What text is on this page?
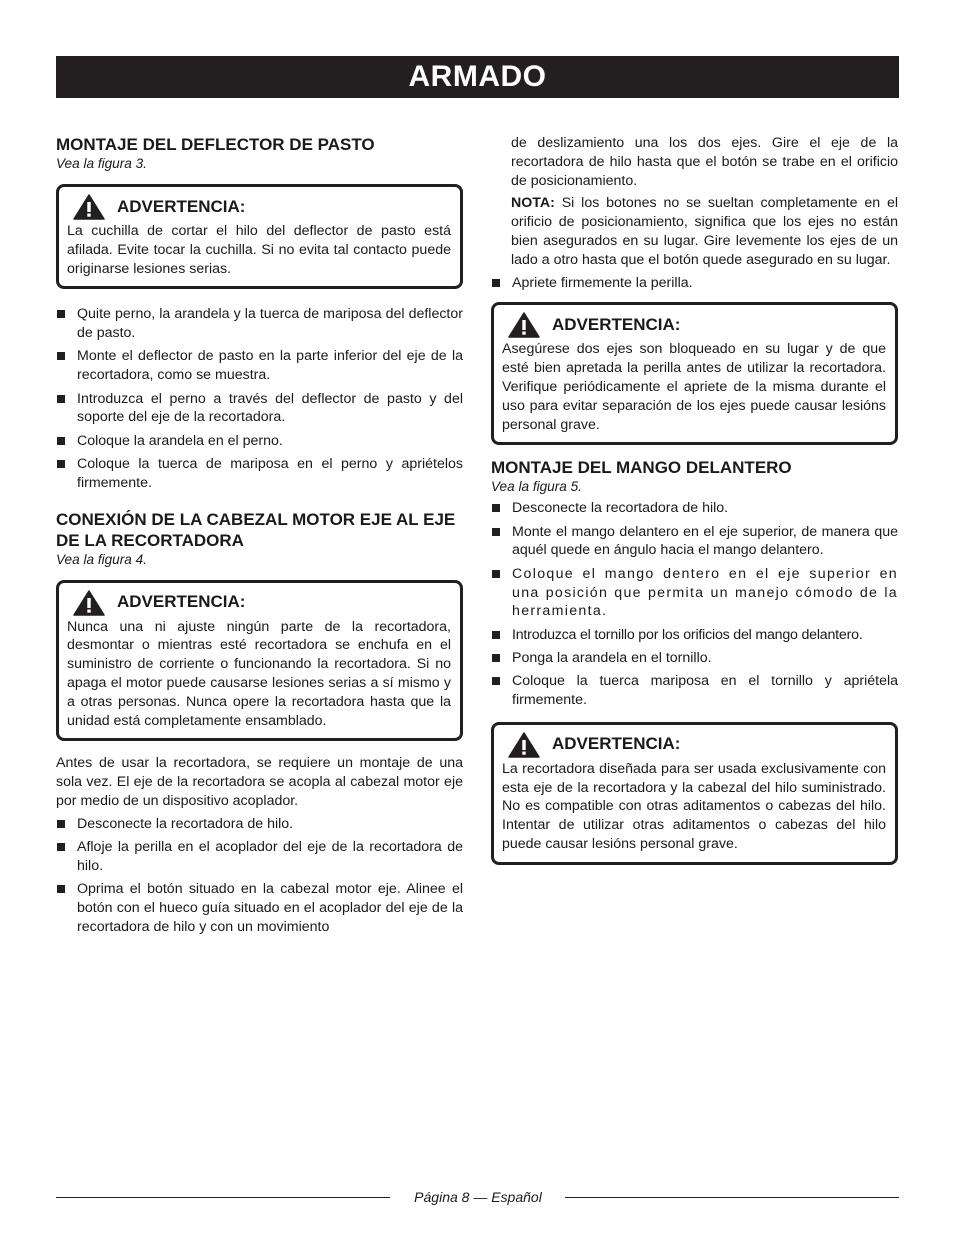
ARMADO
MONTAJE DEL DEFLECTOR DE PASTO
Vea la figura 3.
ADVERTENCIA:
La cuchilla de cortar el hilo del deflector de pasto está afilada. Evite tocar la cuchilla. Si no evita tal contacto puede originarse lesiones serias.
Quite perno, la arandela y la tuerca de mariposa del deflector de pasto.
Monte el deflector de pasto en la parte inferior del eje de la recortadora, como se muestra.
Introduzca el perno a través del deflector de pasto y del soporte del eje de la recortadora.
Coloque la arandela en el perno.
Coloque la tuerca de mariposa en el perno y apriételos firmemente.
CONEXIÓN DE LA CABEZAL MOTOR EJE AL EJE DE LA RECORTADORA
Vea la figura 4.
ADVERTENCIA:
Nunca una ni ajuste ningún parte de la recortadora, desmontar o mientras esté recortadora se enchufa en el suministro de corriente o funcionando la recortadora. Si no apaga el motor puede causarse lesiones serias a sí mismo y a otras personas. Nunca opere la recortadora hasta que la unidad está completamente ensamblado.

Antes de usar la recortadora, se requiere un montaje de una sola vez. El eje de la recortadora se acopla al cabezal motor eje por medio de un dispositivo acoplador.

Desconecte la recortadora de hilo.
Afloje la perilla en el acoplador del eje de la recortadora de hilo.
Oprima el botón situado en la cabezal motor eje. Alinee el botón con el hueco guía situado en el acoplador del eje de la recortadora de hilo y con un movimiento

de deslizamiento una los dos ejes. Gire el eje de la recortadora de hilo hasta que el botón se trabe en el orificio de posicionamiento.

NOTA: Si los botones no se sueltan completamente en el orificio de posicionamiento, significa que los ejes no están bien asegurados en su lugar. Gire levemente los ejes de un lado a otro hasta que el botón quede asegurado en su lugar.

Apriete firmemente la perilla.
ADVERTENCIA:
Asegúrese dos ejes son bloqueado en su lugar y de que esté bien apretada la perilla antes de utilizar la recortadora. Verifique periódicamente el apriete de la misma durante el uso para evitar separación de los ejes puede causar lesións personal grave.
MONTAJE DEL MANGO DELANTERO
Vea la figura 5.
Desconecte la recortadora de hilo.
Monte el mango delantero en el eje superior, de manera que aquél quede en ángulo hacia el mango delantero.
Coloque el mango dentero en el eje superior en una posición que permita un manejo cómodo de la herramienta.
Introduzca el tornillo por los orificios del mango delantero.
Ponga la arandela en el tornillo.
Coloque la tuerca mariposa en el tornillo y apriétela firmemente.
ADVERTENCIA:
La recortadora diseñada para ser usada exclusivamente con esta eje de la recortadora y la cabezal del hilo suministrado. No es compatible con otras aditamentos o cabezas del hilo. Intentar de utilizar otras aditamentos o cabezas del hilo puede causar lesións personal grave.
Página 8 — Español
